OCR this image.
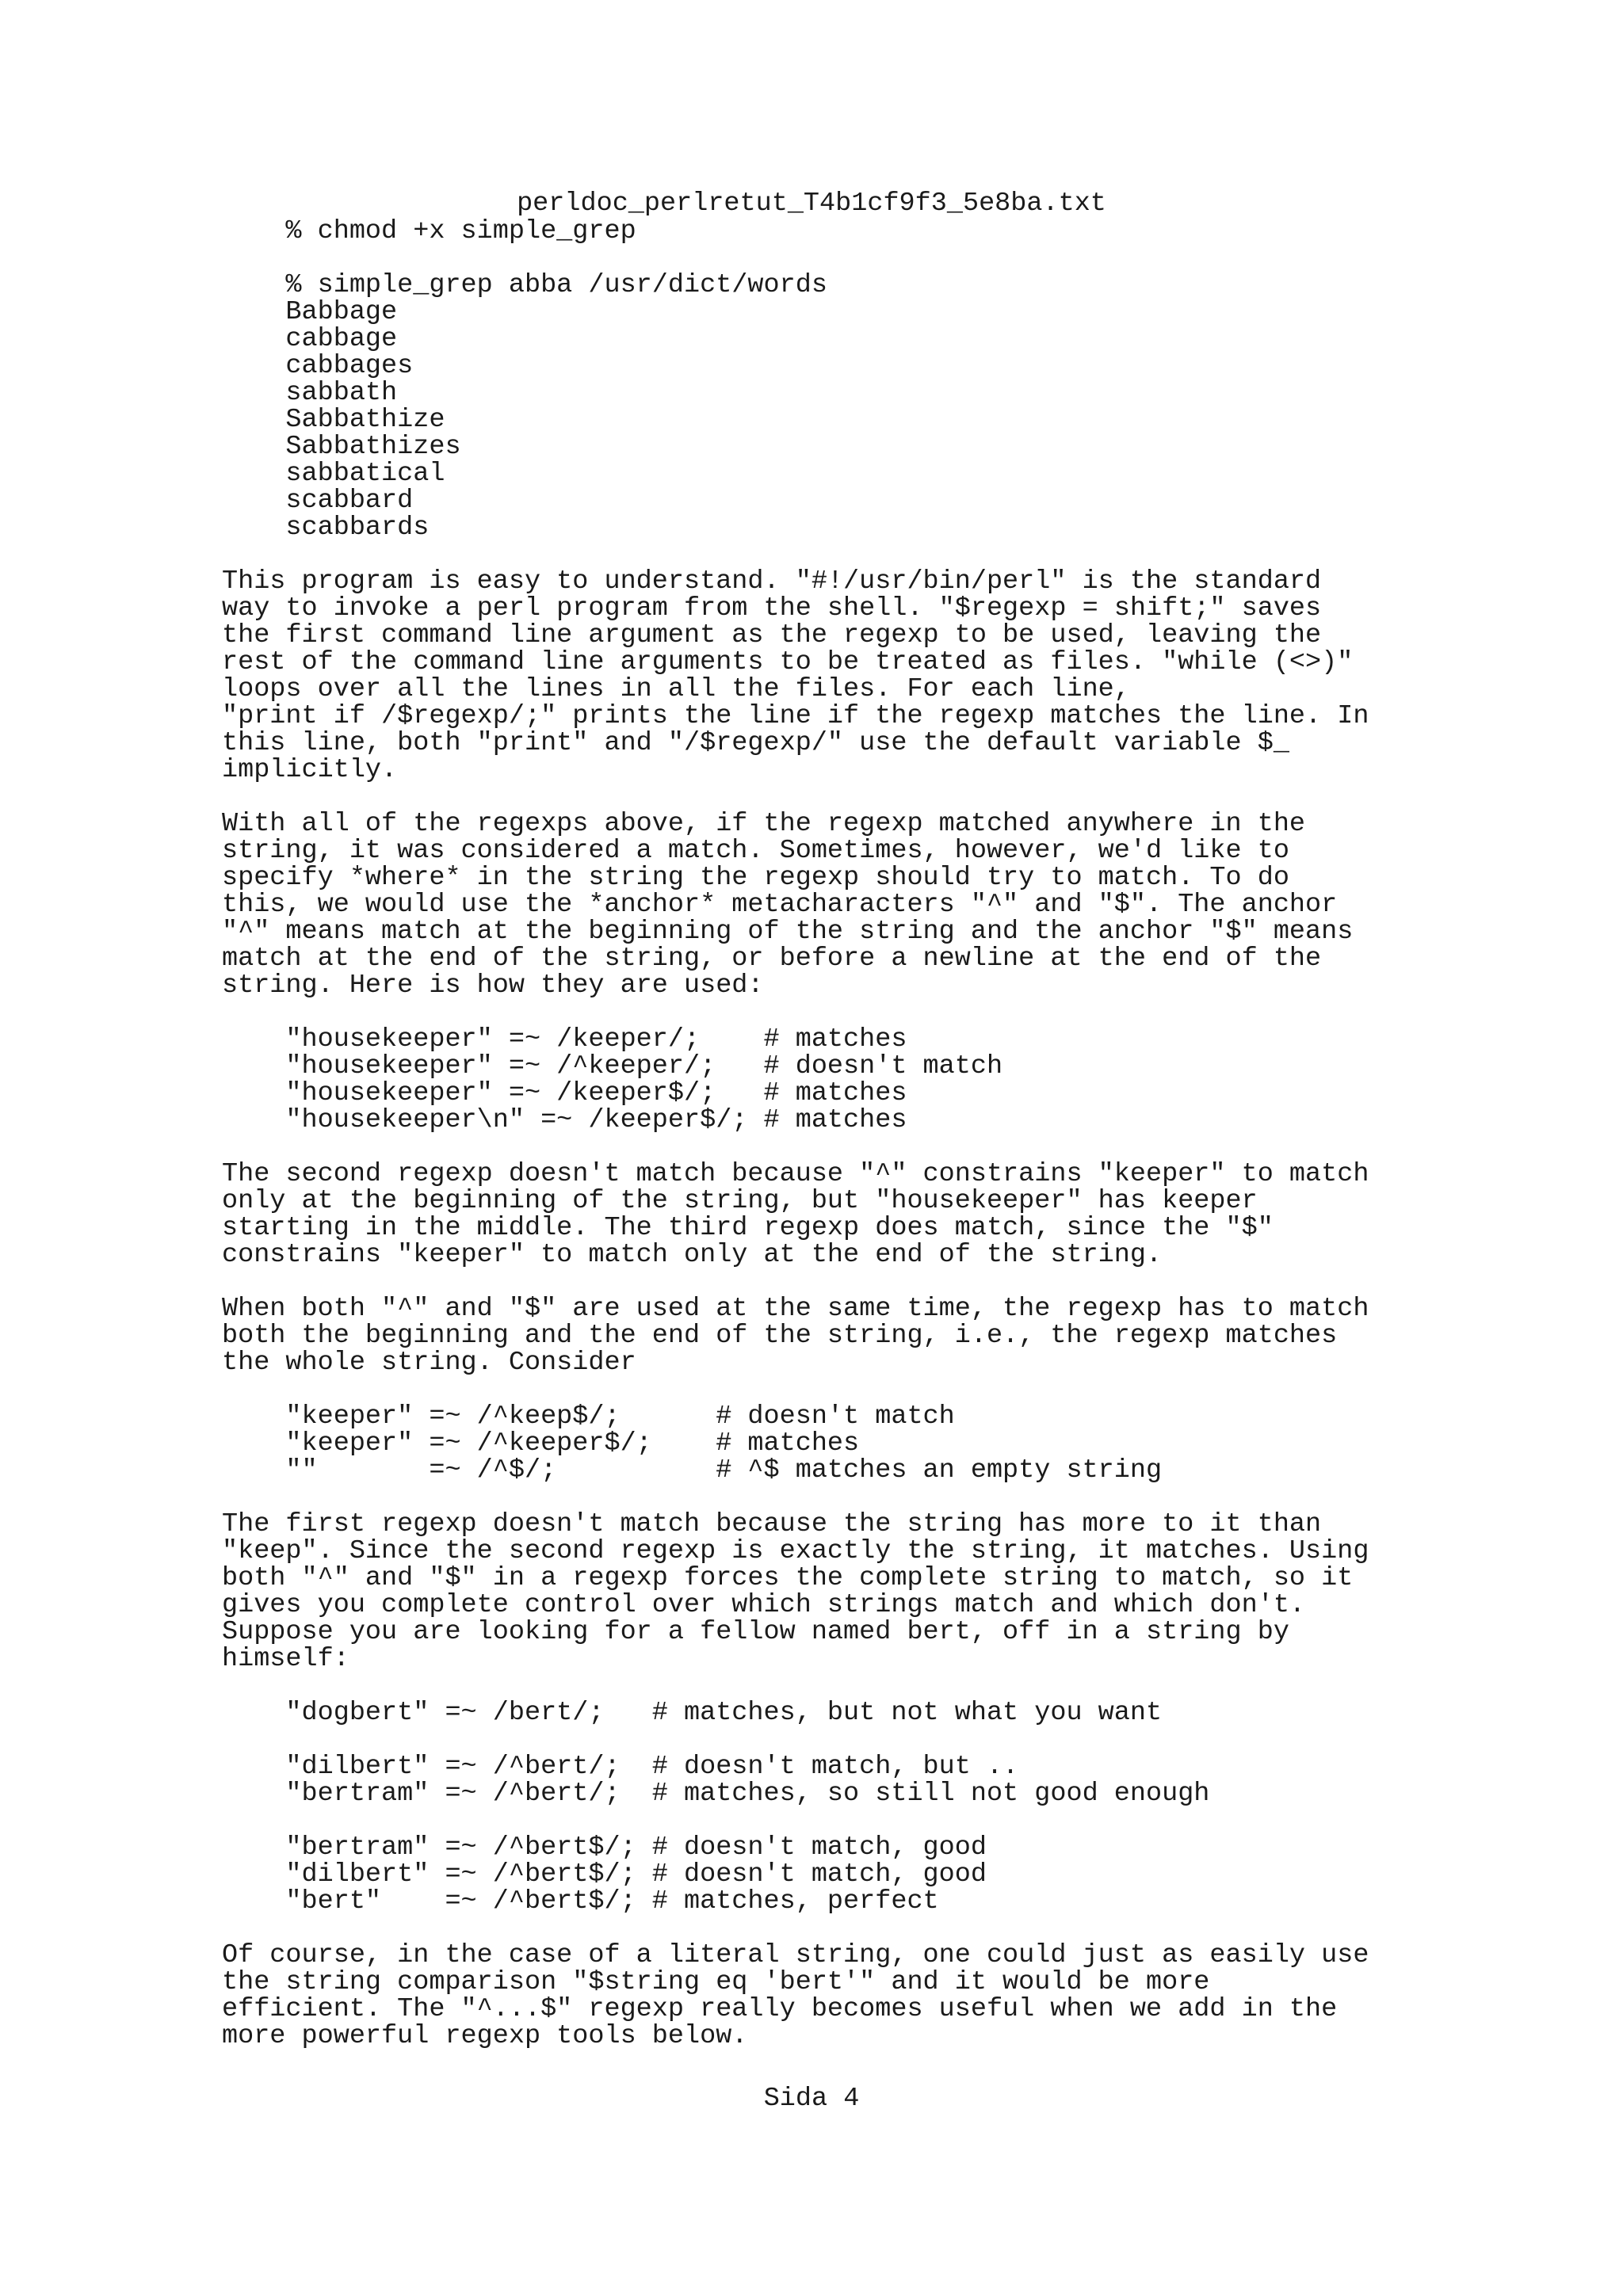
perldoc_perlretut_T4b1cf9f3_5e8ba.txt
% chmod +x simple_grep

% simple_grep abba /usr/dict/words
Babbage
cabbage
cabbages
sabbath
Sabbathize
Sabbathizes
sabbatical
scabbard
scabbards

This program is easy to understand. "#!/usr/bin/perl" is the standard
way to invoke a perl program from the shell. "$regexp = shift;" saves
the first command line argument as the regexp to be used, leaving the
rest of the command line arguments to be treated as files. "while (<>)"
loops over all the lines in all the files. For each line,
"print if /$regexp/;" prints the line if the regexp matches the line. In
this line, both "print" and "/$regexp/" use the default variable $_
implicitly.

With all of the regexps above, if the regexp matched anywhere in the
string, it was considered a match. Sometimes, however, we'd like to
specify *where* in the string the regexp should try to match. To do
this, we would use the *anchor* metacharacters "^" and "$". The anchor
"^" means match at the beginning of the string and the anchor "$" means
match at the end of the string, or before a newline at the end of the
string. Here is how they are used:

"housekeeper" =~ /keeper/;    # matches
"housekeeper" =~ /^keeper/;   # doesn't match
"housekeeper" =~ /keeper$/;   # matches
"housekeeper\n" =~ /keeper$/; # matches

The second regexp doesn't match because "^" constrains "keeper" to match
only at the beginning of the string, but "housekeeper" has keeper
starting in the middle. The third regexp does match, since the "$"
constrains "keeper" to match only at the end of the string.

When both "^" and "$" are used at the same time, the regexp has to match
both the beginning and the end of the string, i.e., the regexp matches
the whole string. Consider

"keeper" =~ /^keep$/;      # doesn't match
"keeper" =~ /^keeper$/;    # matches
""       =~ /^$/;          # ^$ matches an empty string

The first regexp doesn't match because the string has more to it than
"keep". Since the second regexp is exactly the string, it matches. Using
both "^" and "$" in a regexp forces the complete string to match, so it
gives you complete control over which strings match and which don't.
Suppose you are looking for a fellow named bert, off in a string by
himself:

"dogbert" =~ /bert/;   # matches, but not what you want

"dilbert" =~ /^bert/;  # doesn't match, but ..
"bertram" =~ /^bert/;  # matches, so still not good enough

"bertram" =~ /^bert$/; # doesn't match, good
"dilbert" =~ /^bert$/; # doesn't match, good
"bert"    =~ /^bert$/; # matches, perfect

Of course, in the case of a literal string, one could just as easily use
the string comparison "$string eq 'bert'" and it would be more
efficient. The "^...$" regexp really becomes useful when we add in the
more powerful regexp tools below.
Sida 4
